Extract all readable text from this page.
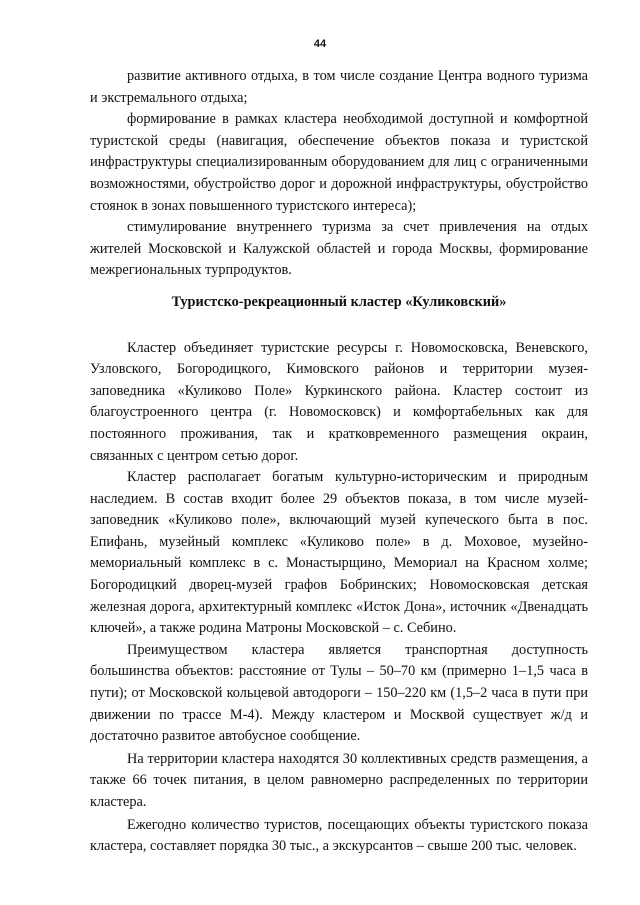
44

развитие активного отдыха, в том числе создание Центра водного туризма и экстремального отдыха;

формирование в рамках кластера необходимой доступной и комфортной туристской среды (навигация, обеспечение объектов показа и туристской инфраструктуры специализированным оборудованием для лиц с ограниченными возможностями, обустройство дорог и дорожной инфраструктуры, обустройство стоянок в зонах повышенного туристского интереса);

стимулирование внутреннего туризма за счет привлечения на отдых жителей Московской и Калужской областей и города Москвы, формирование межрегиональных турпродуктов.

Туристско-рекреационный кластер «Куликовский»

Кластер объединяет туристские ресурсы г. Новомосковска, Веневского, Узловского, Богородицкого, Кимовского районов и территории музея-заповедника «Куликово Поле» Куркинского района. Кластер состоит из благоустроенного центра (г. Новомосковск) и комфортабельных как для постоянного проживания, так и кратковременного размещения окраин, связанных с центром сетью дорог.

Кластер располагает богатым культурно-историческим и природным наследием. В состав входит более 29 объектов показа, в том числе музей-заповедник «Куликово поле», включающий музей купеческого быта в пос. Епифань, музейный комплекс «Куликово поле» в д. Моховое, музейно-мемориальный комплекс в с. Монастырщино, Мемориал на Красном холме; Богородицкий дворец-музей графов Бобринских; Новомосковская детская железная дорога, архитектурный комплекс «Исток Дона», источник «Двенадцать ключей», а также родина Матроны Московской – с. Себино.

Преимуществом кластера является транспортная доступность большинства объектов: расстояние от Тулы – 50–70 км (примерно 1–1,5 часа в пути); от Московской кольцевой автодороги – 150–220 км (1,5–2 часа в пути при движении по трассе М-4). Между кластером и Москвой существует ж/д и достаточно развитое автобусное сообщение.

На территории кластера находятся 30 коллективных средств размещения, а также 66 точек питания, в целом равномерно распределенных по территории кластера.

Ежегодно количество туристов, посещающих объекты туристского показа кластера, составляет порядка 30 тыс., а экскурсантов – свыше 200 тыс. человек.
